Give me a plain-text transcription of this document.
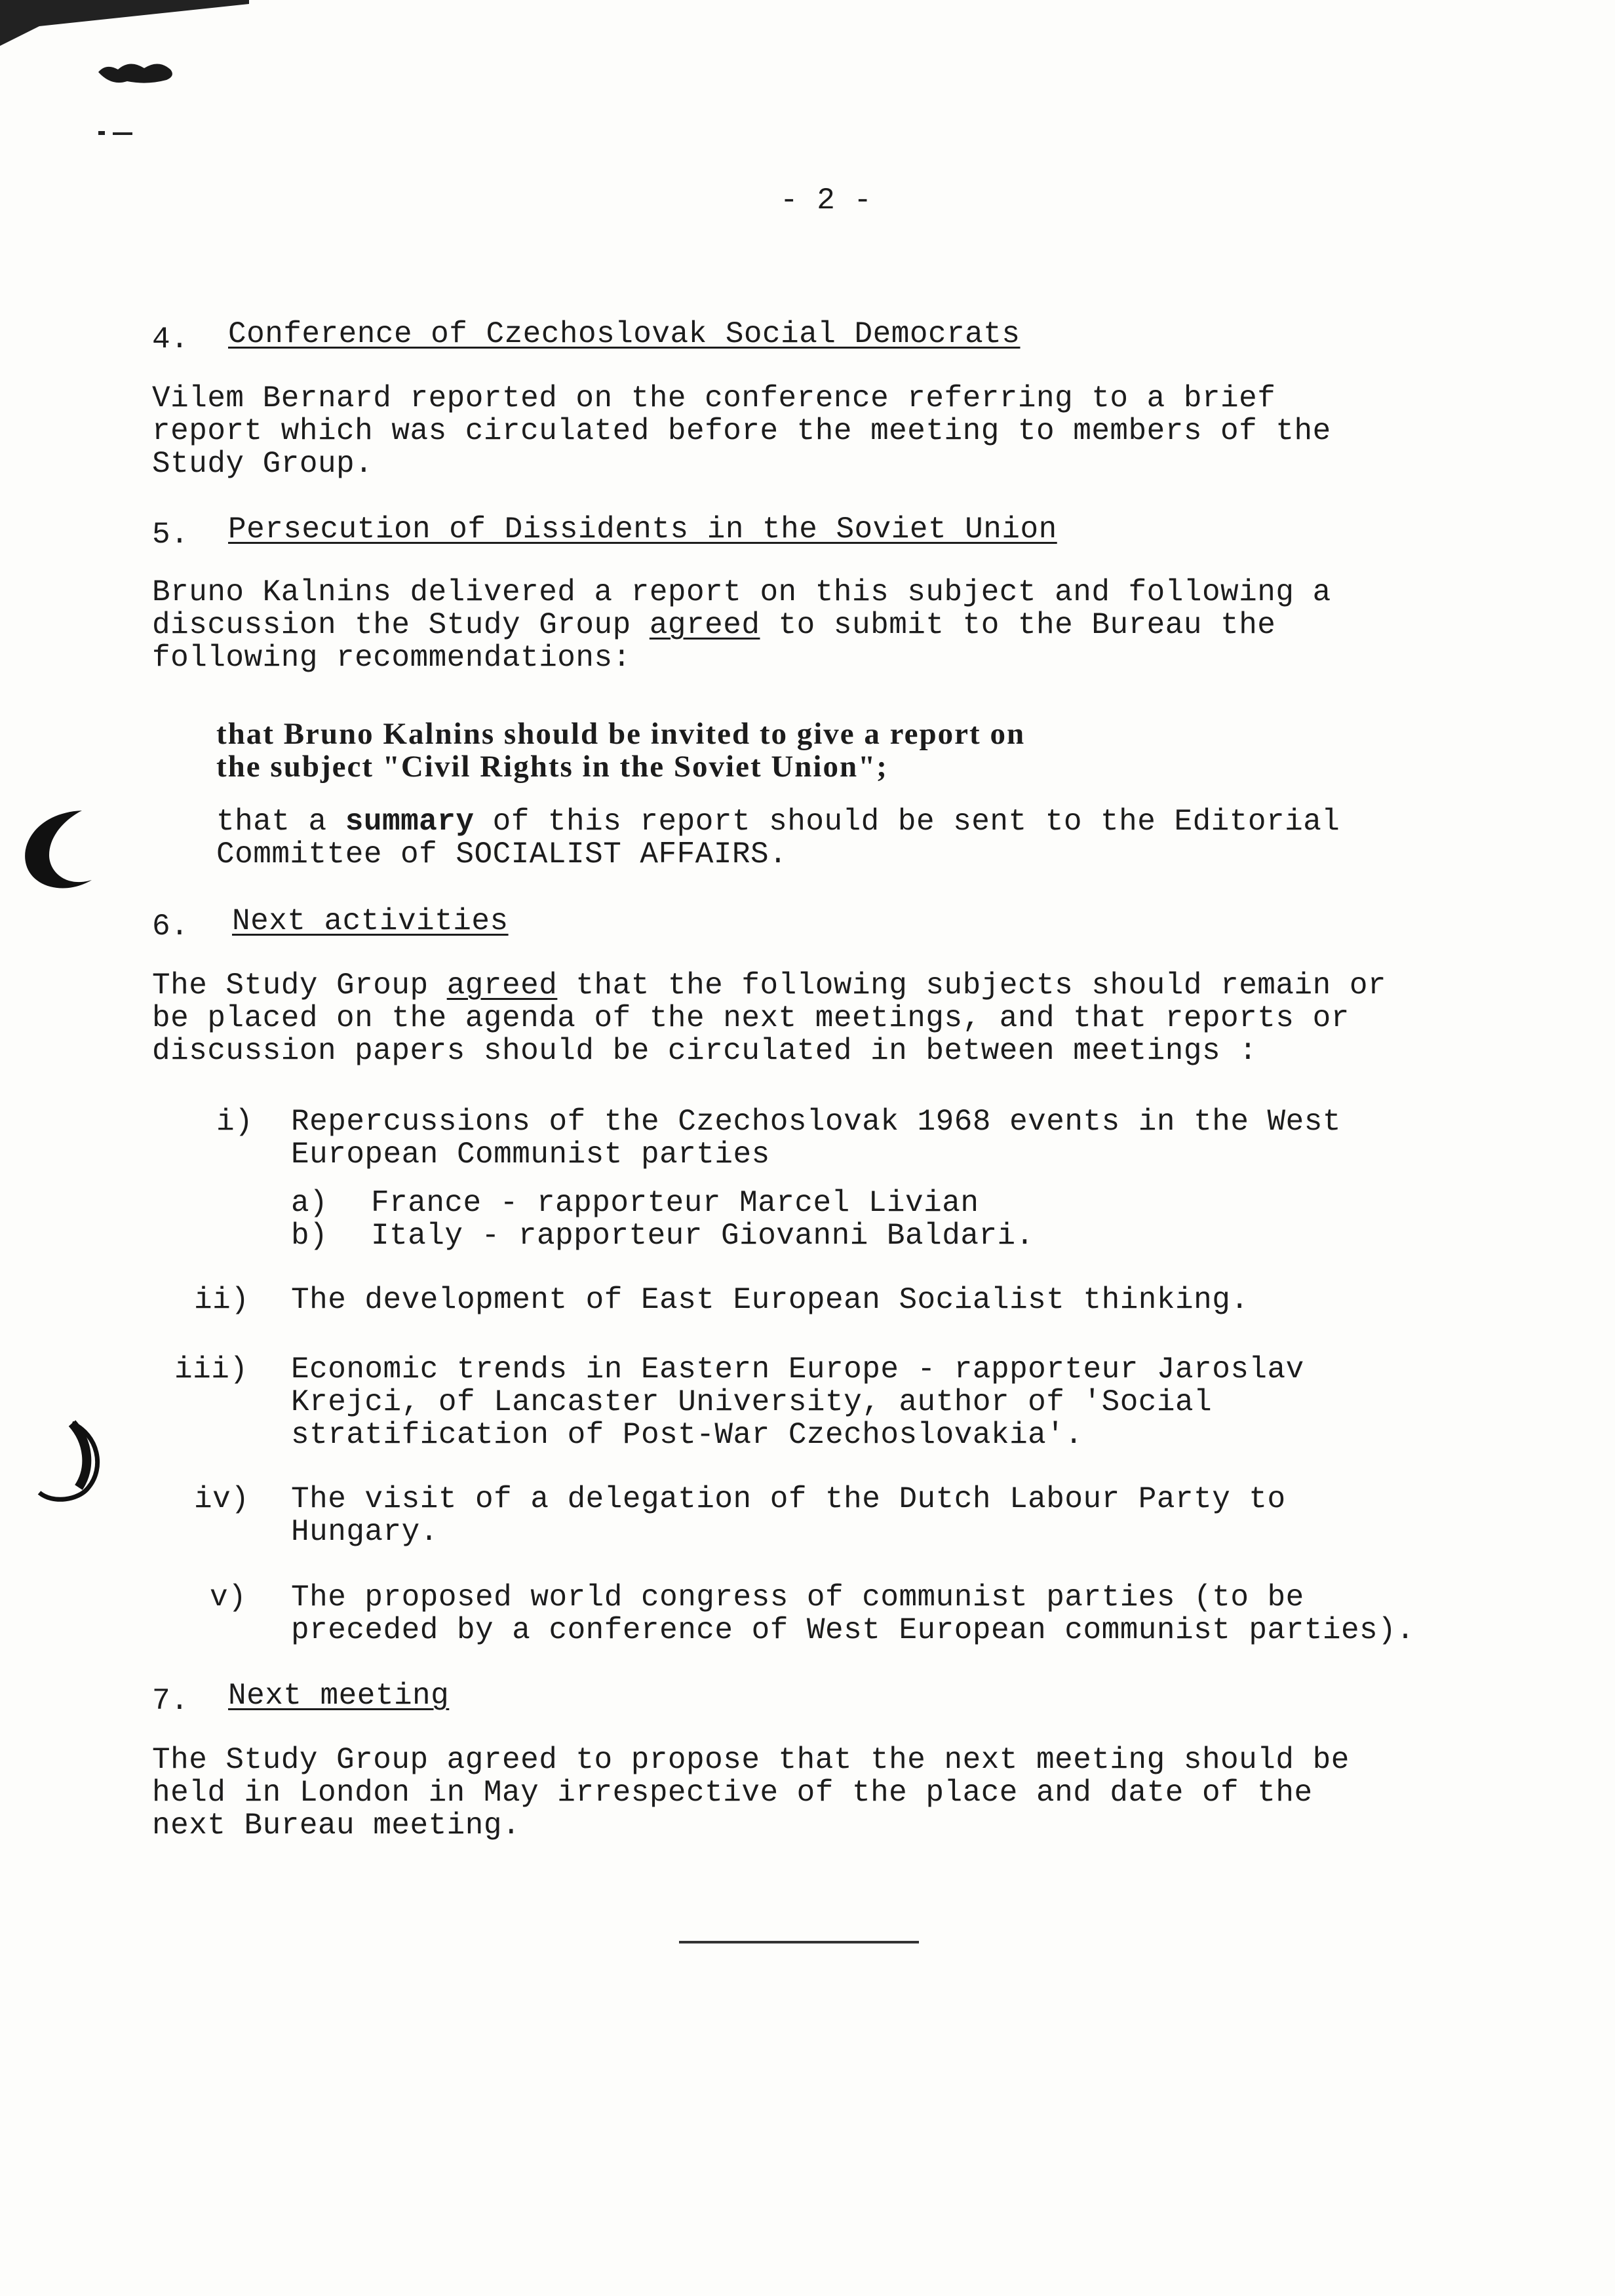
- 2 -
4. Conference of Czechoslovak Social Democrats
Vilem Bernard reported on the conference referring to a brief
report which was circulated before the meeting to members of the
Study Group.
5. Persecution of Dissidents in the Soviet Union
Bruno Kalnins delivered a report on this subject and following a
discussion the Study Group agreed to submit to the Bureau the
following recommendations:
that Bruno Kalnins should be invited to give a report on
the subject "Civil Rights in the Soviet Union";
that a summary of this report should be sent to the Editorial
Committee of SOCIALIST AFFAIRS.
6. Next activities
The Study Group agreed that the following subjects should remain or
be placed on the agenda of the next meetings, and that reports or
discussion papers should be circulated in between meetings :
i) Repercussions of the Czechoslovak 1968 events in the West
European Communist parties
a) France - rapporteur Marcel Livian
b) Italy - rapporteur Giovanni Baldari.
ii) The development of East European Socialist thinking.
iii) Economic trends in Eastern Europe - rapporteur Jaroslav
Krejci, of Lancaster University, author of 'Social
stratification of Post-War Czechoslovakia'.
iv) The visit of a delegation of the Dutch Labour Party to
Hungary.
v) The proposed world congress of communist parties (to be
preceded by a conference of West European communist parties).
7. Next meeting
The Study Group agreed to propose that the next meeting should be
held in London in May irrespective of the place and date of the
next Bureau meeting.
